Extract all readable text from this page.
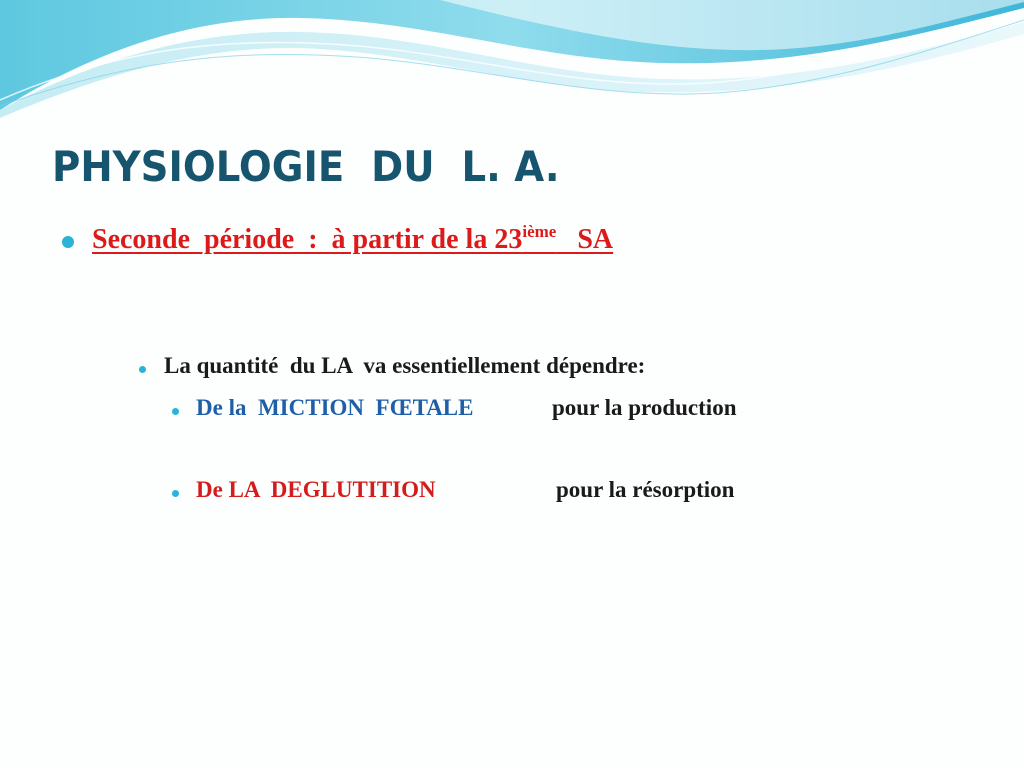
PHYSIOLOGIE  DU  L. A.

Seconde  période  :  à partir de la 23ième   SA

La quantité  du LA  va essentiellement dépendre:

De la  MICTION  FŒTALE	pour la production

De LA  DEGLUTITION	pour la résorption
